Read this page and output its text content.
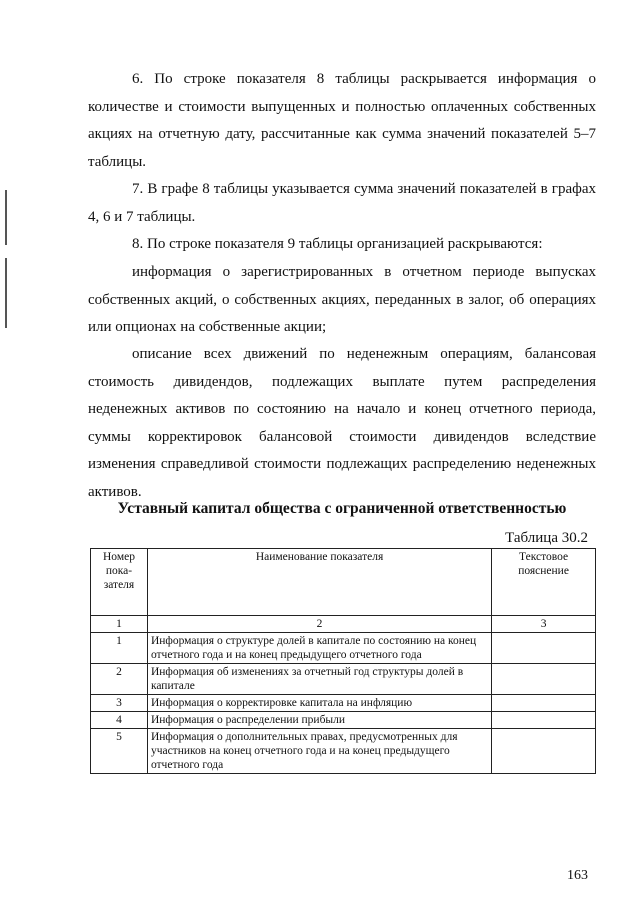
6. По строке показателя 8 таблицы раскрывается информация о количестве и стоимости выпущенных и полностью оплаченных собственных акциях на отчетную дату, рассчитанные как сумма значений показателей 5–7 таблицы.

7. В графе 8 таблицы указывается сумма значений показателей в графах 4, 6 и 7 таблицы.

8. По строке показателя 9 таблицы организацией раскрываются:

информация о зарегистрированных в отчетном периоде выпусках собственных акций, о собственных акциях, переданных в залог, об операциях или опционах на собственные акции;

описание всех движений по неденежным операциям, балансовая стоимость дивидендов, подлежащих выплате путем распределения неденежных активов по состоянию на начало и конец отчетного периода, суммы корректировок балансовой стоимости дивидендов вследствие изменения справедливой стоимости подлежащих распределению неденежных активов.

Уставный капитал общества с ограниченной ответственностью

Таблица 30.2

Номер пока-зателя	Наименование показателя	Текстовое пояснение
1	2	3
1	Информация о структуре долей в капитале по состоянию на конец отчетного года и на конец предыдущего отчетного года	
2	Информация об изменениях за отчетный год структуры долей в капитале	
3	Информация о корректировке капитала на инфляцию	
4	Информация о распределении прибыли	
5	Информация о дополнительных правах, предусмотренных для участников на конец отчетного года и на конец предыдущего отчетного года	

163
